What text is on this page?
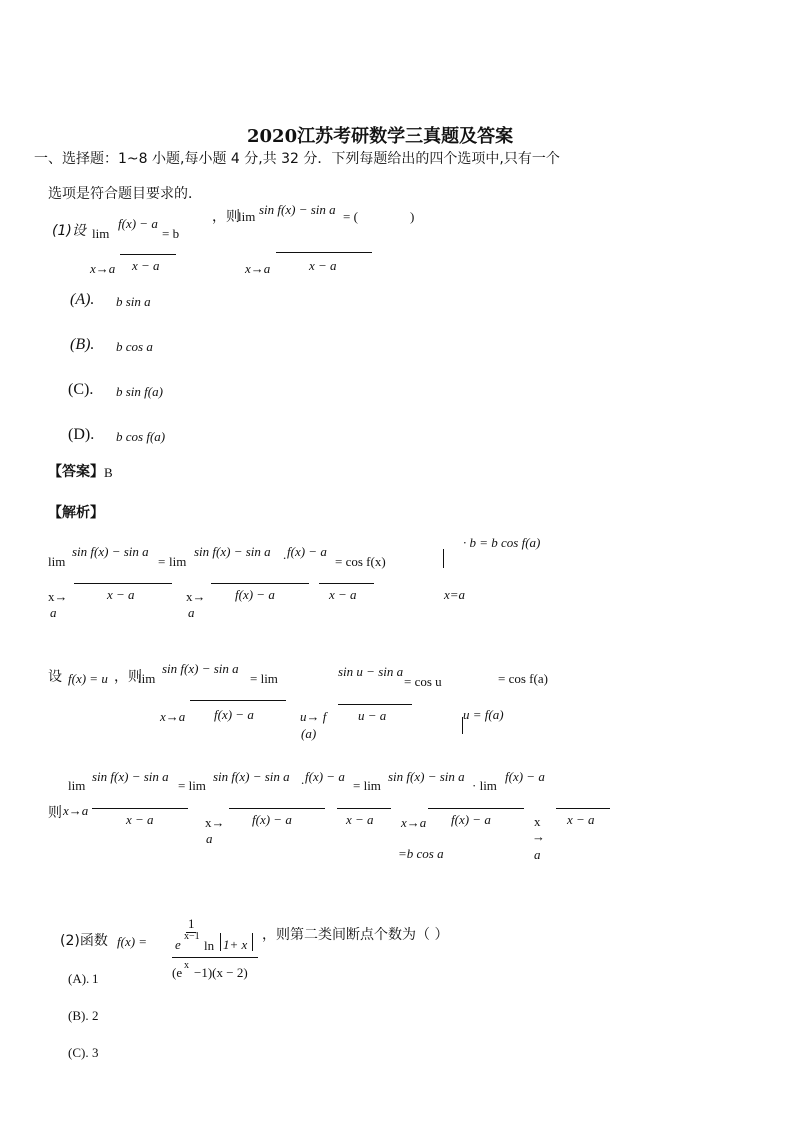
2020江苏考研数学三真题及答案
一、选择题：1~8 小题,每小题 4 分,共 32 分．下列每题给出的四个选项中,只有一个
选项是符合题目要求的．
(1)设 lim
f(x) − a
= b
x→a x − a
，则
lim sin f(x) − sin a = (	)
x→a	x − a
(A). b sin a
(B). b cos a
(C). b sin f(a)
(D). b cos f(a)
【答案】 B
【解析】
lim
sin f(x) − sin a
= lim
sin f(x) − sin a . f(x) − a
= cos f(x)
x − a	f(x) − a	x − a
x→
a
x→
a
· b = b cos f(a)
x=a
设 f(x) = u ，则
lim
sin f(x) − sin a
= lim
f(x) − a
x→a
sin u − sin a
= cos u
u − a
u→ f
(a)
= cos f(a)
u = f(a)
lim
sin f(x) − sin a
= lim
sin f(x) − sin a . f(x) − a
= lim
sin f(x) − sin a
· lim
f(x) − a
则 x→a
x − a	f(x) − a	x − a	f(x) − a	x − a
x→
a
x→a
=b cos a
x
→
a
(2)函数 f(x) =
1
e
x−1
ln 1+ x
(e x −1)(x − 2)
，则第二类间断点个数为（ ）
(A). 1
(B). 2
(C). 3
